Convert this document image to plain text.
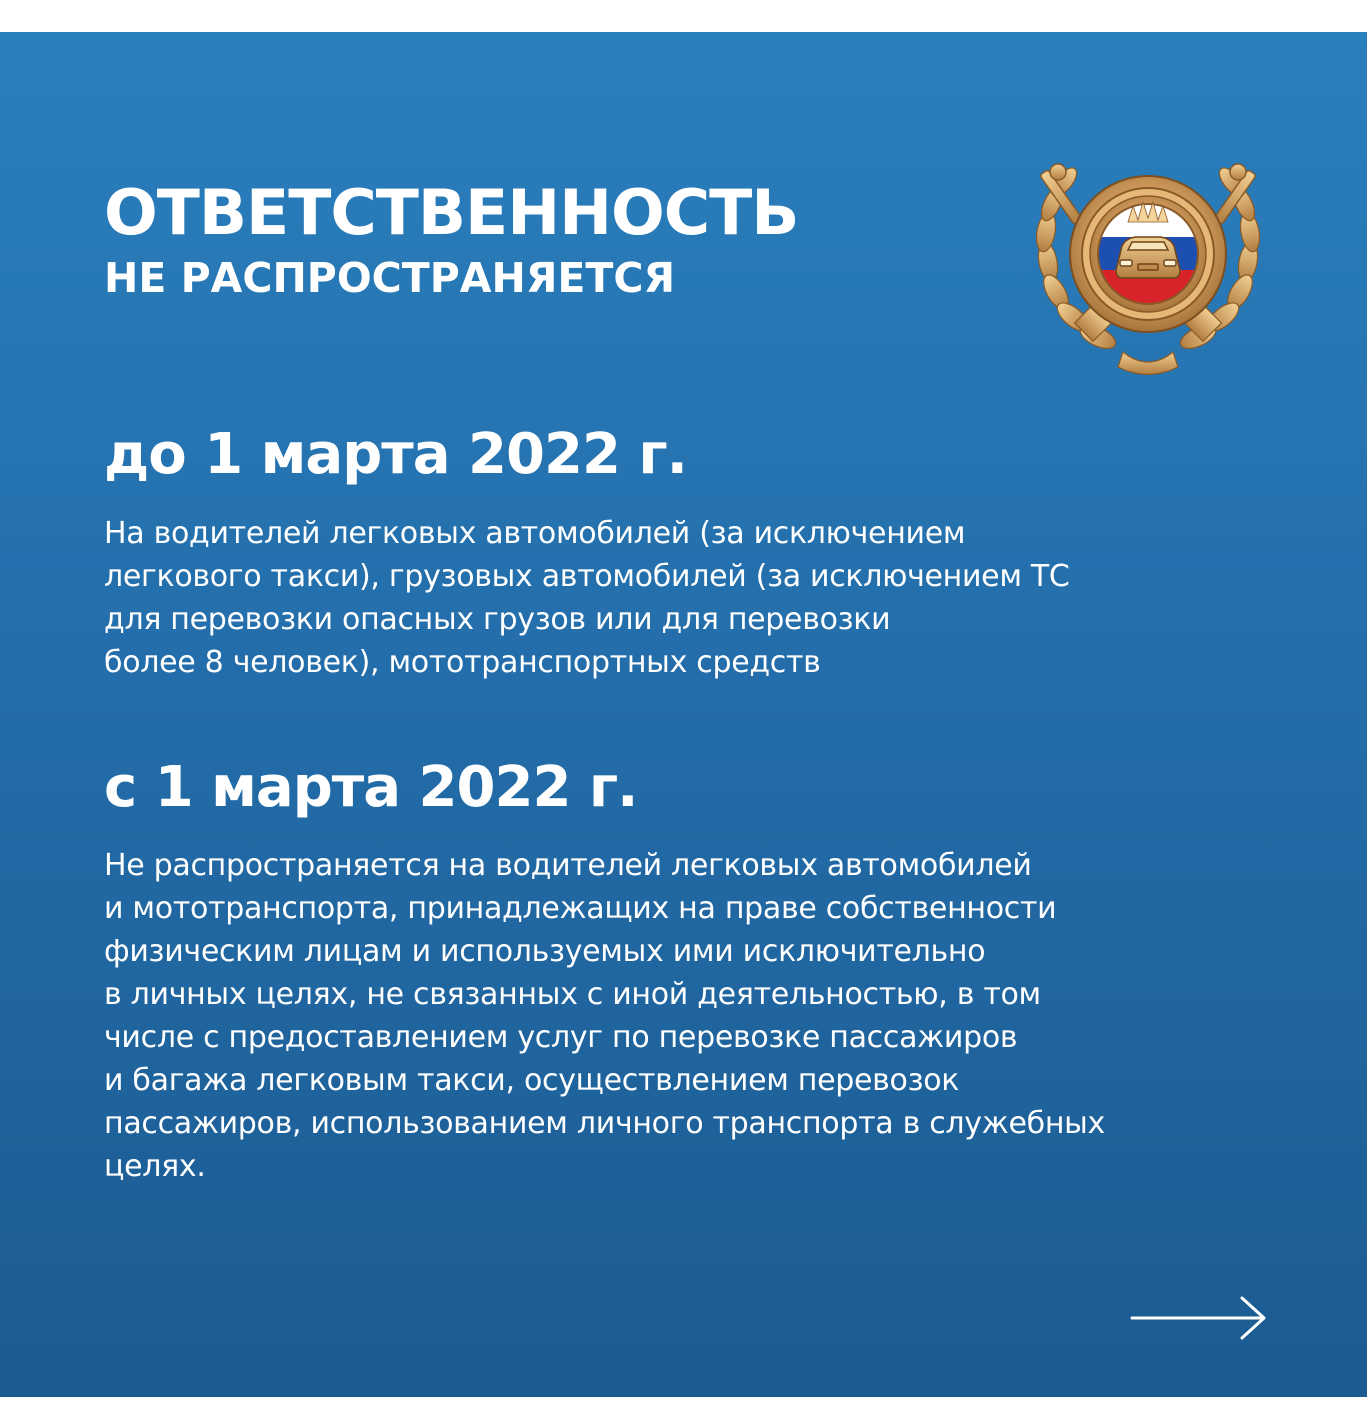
ОТВЕТСТВЕННОСТЬ
НЕ РАСПРОСТРАНЯЕТСЯ
до 1 марта 2022 г.

На водителей легковых автомобилей (за исключением
легкового такси), грузовых автомобилей (за исключением ТС
для перевозки опасных грузов или для перевозки
более 8 человек), мототранспортных средств

с 1 марта 2022 г.

Не распространяется на водителей легковых автомобилей
и мототранспорта, принадлежащих на праве собственности
физическим лицам и используемых ими исключительно
в личных целях, не связанных с иной деятельностью, в том
числе с предоставлением услуг по перевозке пассажиров
и багажа легковым такси, осуществлением перевозок
пассажиров, использованием личного транспорта в служебных
целях.
